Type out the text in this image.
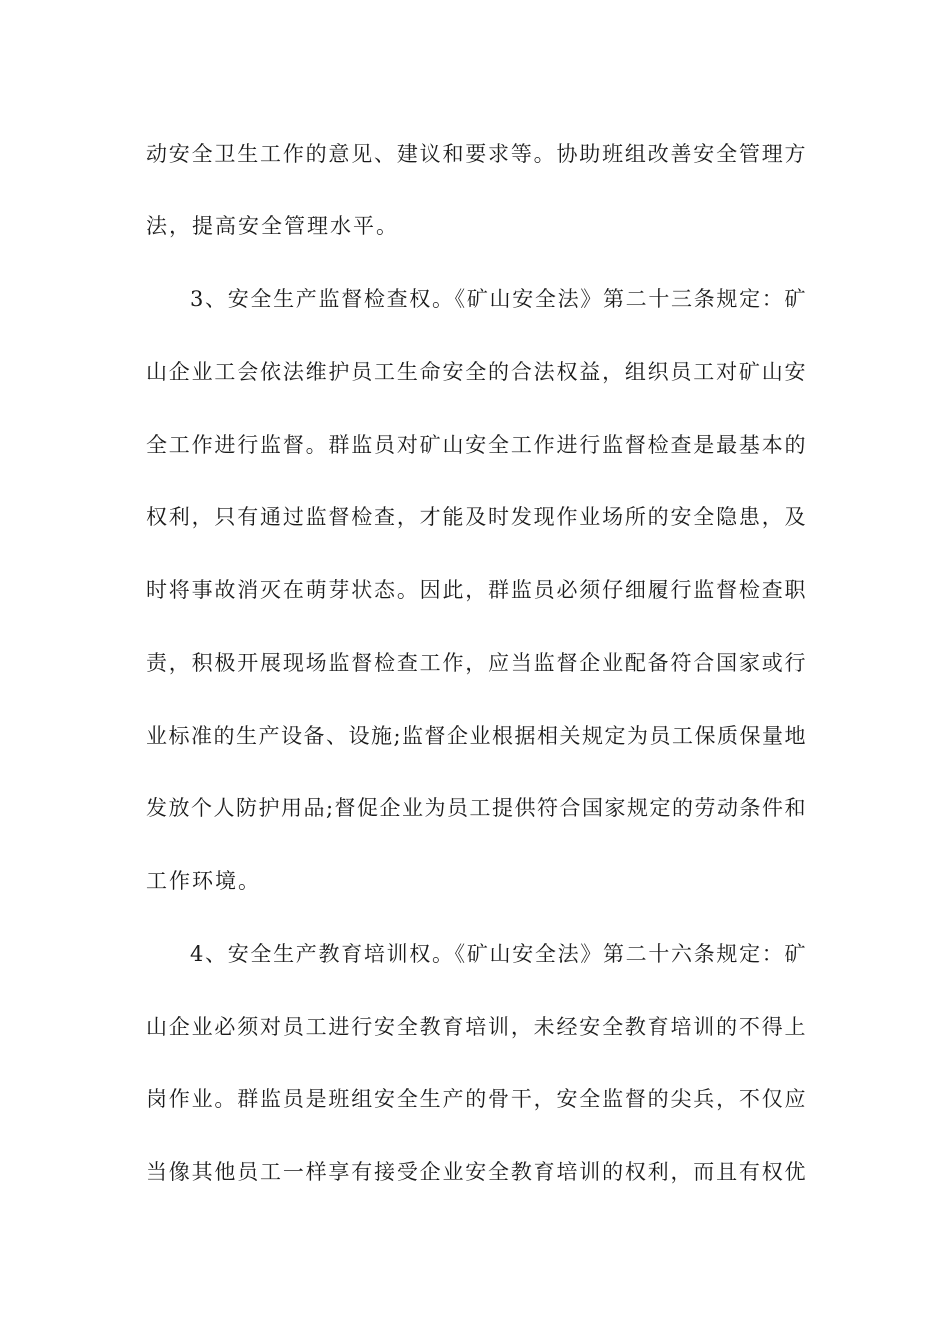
动安全卫生工作的意见、建议和要求等。协助班组改善安全管理方
法，提高安全管理水平。
3、安全生产监督检查权。《矿山安全法》第二十三条规定：矿
山企业工会依法维护员工生命安全的合法权益，组织员工对矿山安
全工作进行监督。群监员对矿山安全工作进行监督检查是最基本的
权利，只有通过监督检查，才能及时发现作业场所的安全隐患，及
时将事故消灭在萌芽状态。因此，群监员必须仔细履行监督检查职
责，积极开展现场监督检查工作，应当监督企业配备符合国家或行
业标准的生产设备、设施;监督企业根据相关规定为员工保质保量地
发放个人防护用品;督促企业为员工提供符合国家规定的劳动条件和
工作环境。
4、安全生产教育培训权。《矿山安全法》第二十六条规定：矿
山企业必须对员工进行安全教育培训，未经安全教育培训的不得上
岗作业。群监员是班组安全生产的骨干，安全监督的尖兵，不仅应
当像其他员工一样享有接受企业安全教育培训的权利，而且有权优
